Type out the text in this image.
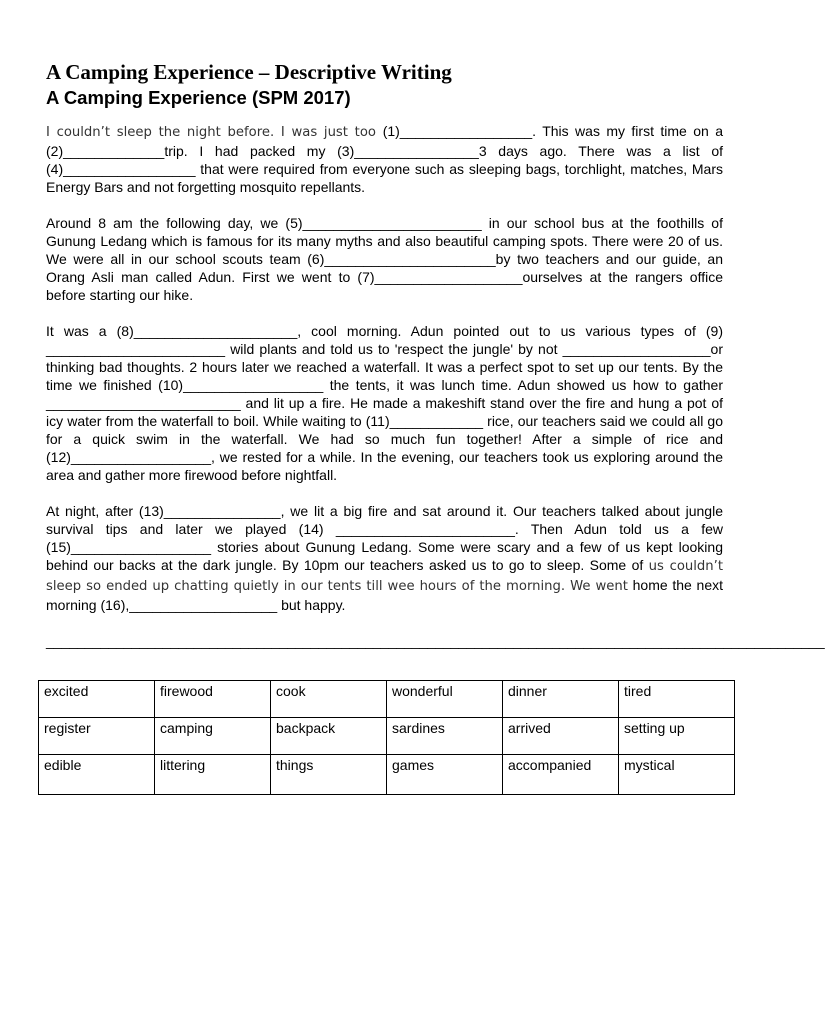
A Camping Experience – Descriptive Writing
A Camping Experience (SPM 2017)

I couldn’t sleep the night before. I was just too (1)_________________. This was my first time on a (2)_____________trip. I had packed my (3)________________3 days ago. There was a list of (4)_________________ that were required from everyone such as sleeping bags, torchlight, matches, Mars Energy Bars and not forgetting mosquito repellants.

Around 8 am the following day, we (5)_______________________ in our school bus at the foothills of Gunung Ledang which is famous for its many myths and also beautiful camping spots. There were 20 of us. We were all in our school scouts team (6)______________________by two teachers and our guide, an Orang Asli man called Adun. First we went to (7)___________________ourselves at the rangers office before starting our hike.

It was a (8)_____________________, cool morning. Adun pointed out to us various types of (9) _______________________ wild plants and told us to 'respect the jungle' by not ___________________or thinking bad thoughts. 2 hours later we reached a waterfall. It was a perfect spot to set up our tents. By the time we finished (10)__________________ the tents, it was lunch time. Adun showed us how to gather _________________________ and lit up a fire. He made a makeshift stand over the fire and hung a pot of icy water from the waterfall to boil. While waiting to (11)____________ rice, our teachers said we could all go for a quick swim in the waterfall. We had so much fun together! After a simple of rice and (12)__________________, we rested for a while. In the evening, our teachers took us exploring around the area and gather more firewood before nightfall.

At night, after (13)_______________, we lit a big fire and sat around it. Our teachers talked about jungle survival tips and later we played (14) _______________________. Then Adun told us a few (15)__________________ stories about Gunung Ledang. Some were scary and a few of us kept looking behind our backs at the dark jungle. By 10pm our teachers asked us to go to sleep. Some of us couldn’t sleep so ended up chatting quietly in our tents till wee hours of the morning. We went home the next morning (16),___________________ but happy.

____________________________________________________________________________________________________
excited	firewood	cook	wonderful	dinner	tired
register	camping	backpack	sardines	arrived	setting up
edible	littering	things	games	accompanied	mystical
